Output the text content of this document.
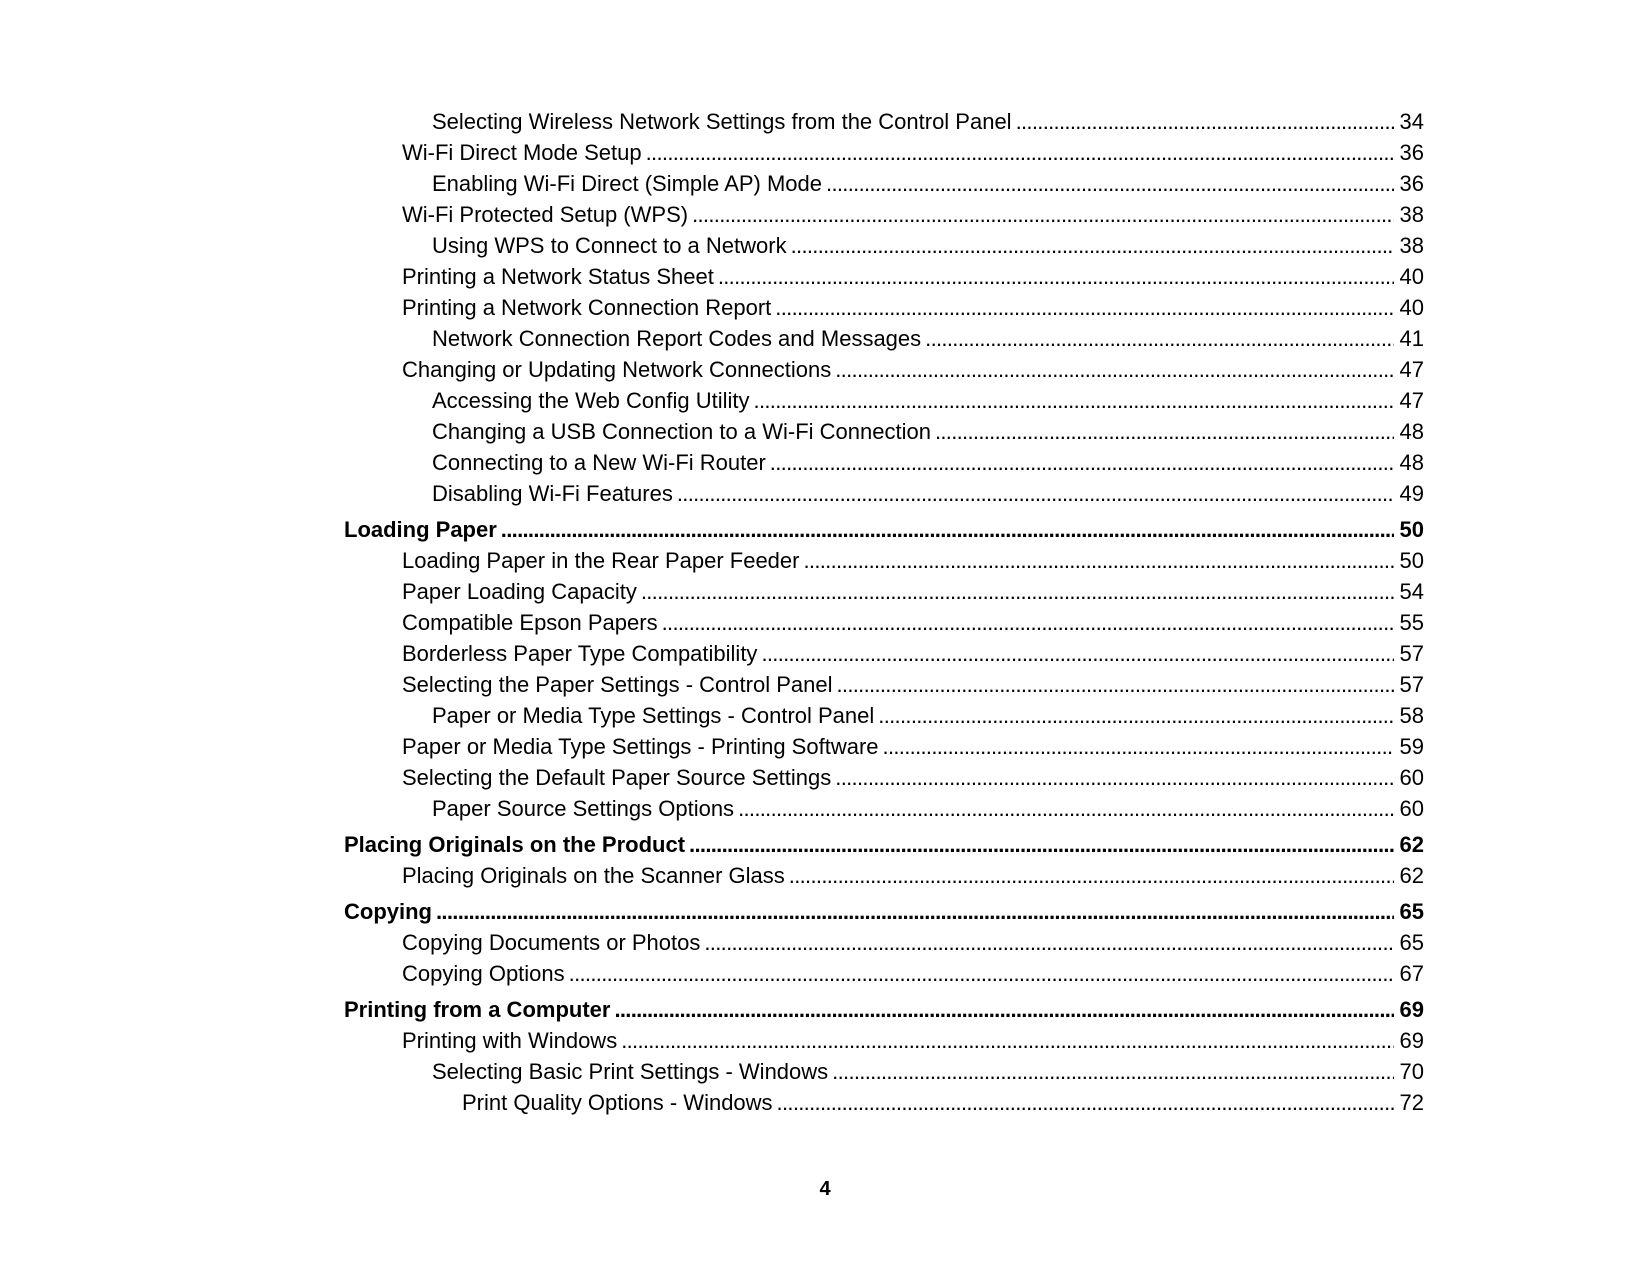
Selecting Wireless Network Settings from the Control Panel . . .	34
Wi-Fi Direct Mode Setup . . .	36
Enabling Wi-Fi Direct (Simple AP) Mode . . .	36
Wi-Fi Protected Setup (WPS) . . .	38
Using WPS to Connect to a Network . . .	38
Printing a Network Status Sheet . . .	40
Printing a Network Connection Report . . .	40
Network Connection Report Codes and Messages . . .	41
Changing or Updating Network Connections . . .	47
Accessing the Web Config Utility . . .	47
Changing a USB Connection to a Wi-Fi Connection . . .	48
Connecting to a New Wi-Fi Router . . .	48
Disabling Wi-Fi Features . . .	49
Loading Paper . . .	50
Loading Paper in the Rear Paper Feeder . . .	50
Paper Loading Capacity . . .	54
Compatible Epson Papers . . .	55
Borderless Paper Type Compatibility . . .	57
Selecting the Paper Settings - Control Panel . . .	57
Paper or Media Type Settings - Control Panel . . .	58
Paper or Media Type Settings - Printing Software . . .	59
Selecting the Default Paper Source Settings . . .	60
Paper Source Settings Options . . .	60
Placing Originals on the Product . . .	62
Placing Originals on the Scanner Glass . . .	62
Copying . . .	65
Copying Documents or Photos . . .	65
Copying Options . . .	67
Printing from a Computer . . .	69
Printing with Windows . . .	69
Selecting Basic Print Settings - Windows . . .	70
Print Quality Options - Windows . . .	72
4
